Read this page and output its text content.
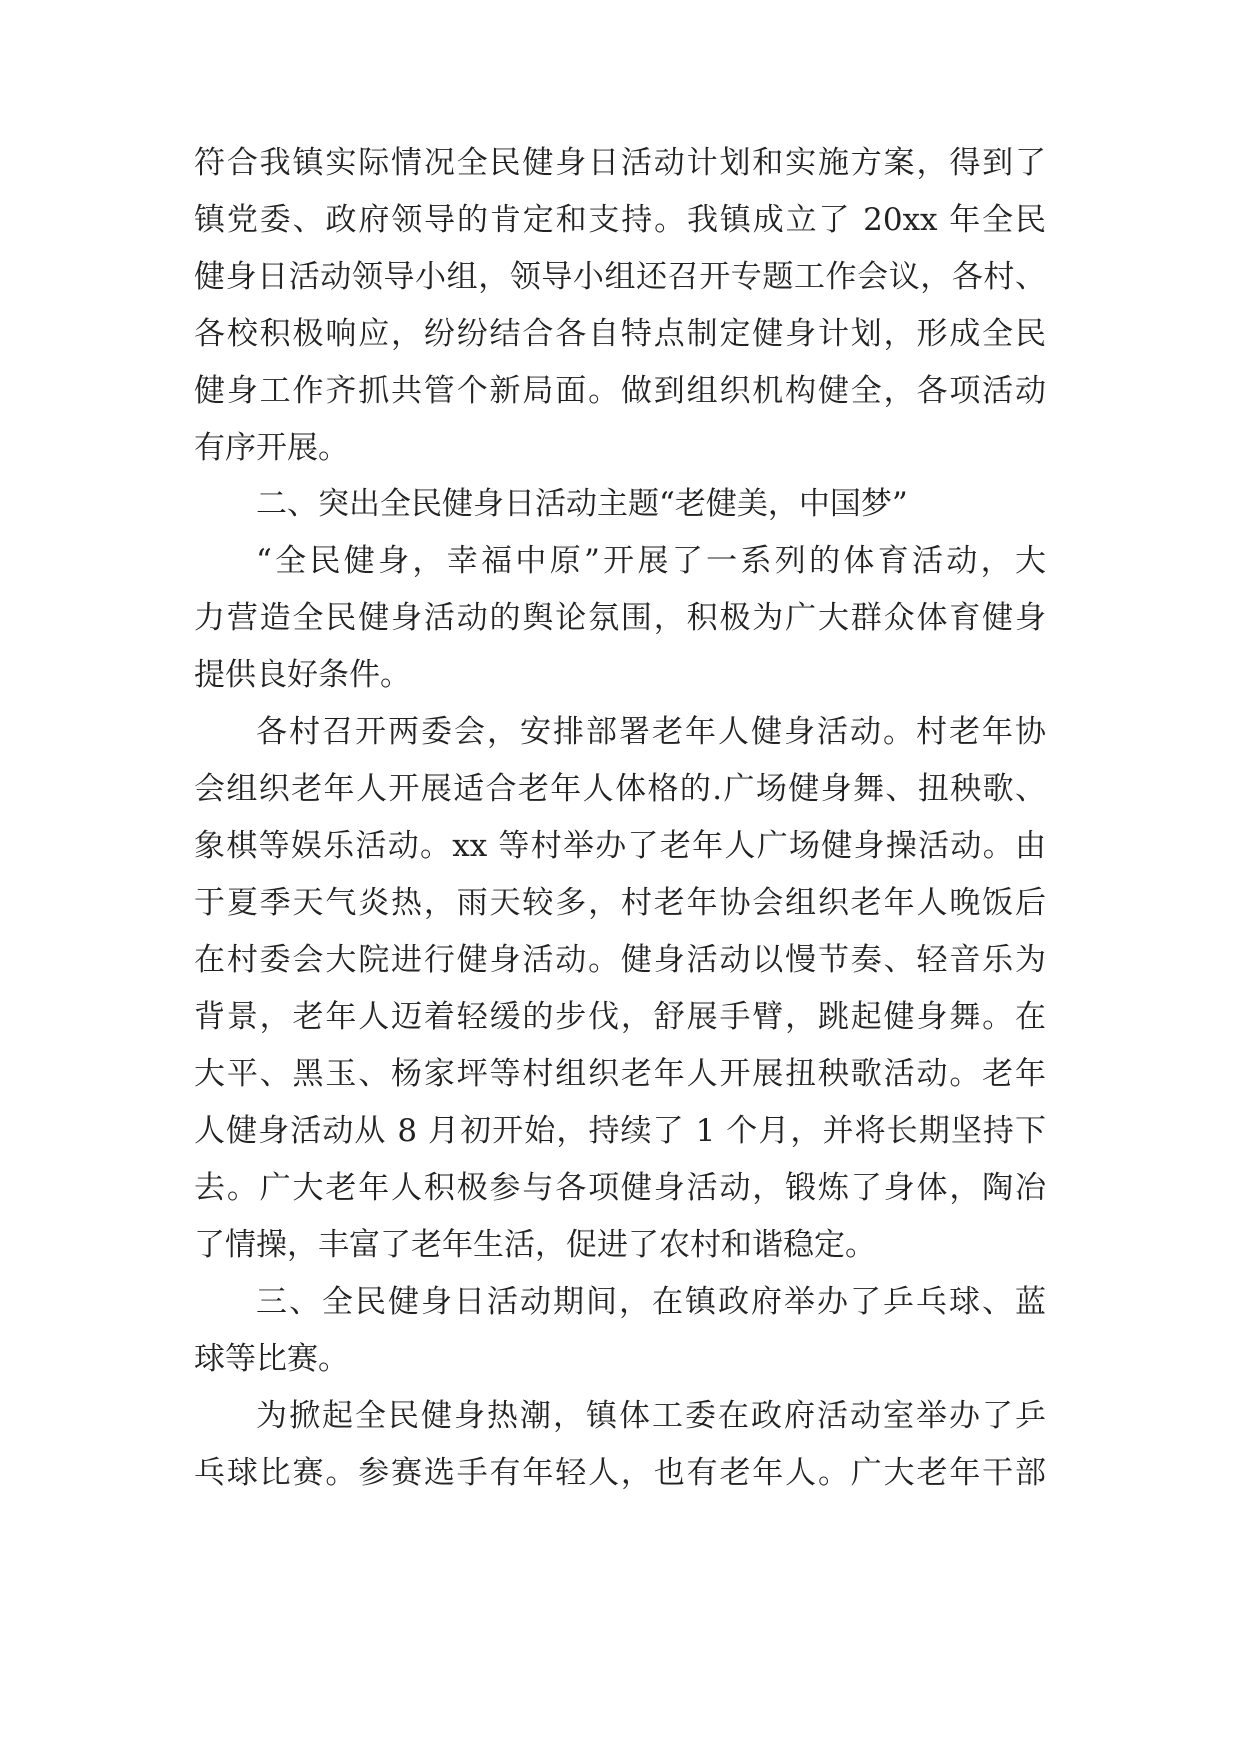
符合我镇实际情况全民健身日活动计划和实施方案，得到了
镇党委、政府领导的肯定和支持。我镇成立了 20xx 年全民
健身日活动领导小组，领导小组还召开专题工作会议，各村、
各校积极响应，纷纷结合各自特点制定健身计划，形成全民
健身工作齐抓共管个新局面。做到组织机构健全，各项活动
有序开展。
二、突出全民健身日活动主题“老健美，中国梦”
“全民健身，幸福中原”开展了一系列的体育活动，大
力营造全民健身活动的舆论氛围，积极为广大群众体育健身
提供良好条件。
各村召开两委会，安排部署老年人健身活动。村老年协
会组织老年人开展适合老年人体格的.广场健身舞、扭秧歌、
象棋等娱乐活动。xx 等村举办了老年人广场健身操活动。由
于夏季天气炎热，雨天较多，村老年协会组织老年人晚饭后
在村委会大院进行健身活动。健身活动以慢节奏、轻音乐为
背景，老年人迈着轻缓的步伐，舒展手臂，跳起健身舞。在
大平、黑玉、杨家坪等村组织老年人开展扭秧歌活动。老年
人健身活动从 8 月初开始，持续了 1 个月，并将长期坚持下
去。广大老年人积极参与各项健身活动，锻炼了身体，陶冶
了情操，丰富了老年生活，促进了农村和谐稳定。
三、全民健身日活动期间，在镇政府举办了乒乓球、蓝
球等比赛。
为掀起全民健身热潮，镇体工委在政府活动室举办了乒
乓球比赛。参赛选手有年轻人，也有老年人。广大老年干部
